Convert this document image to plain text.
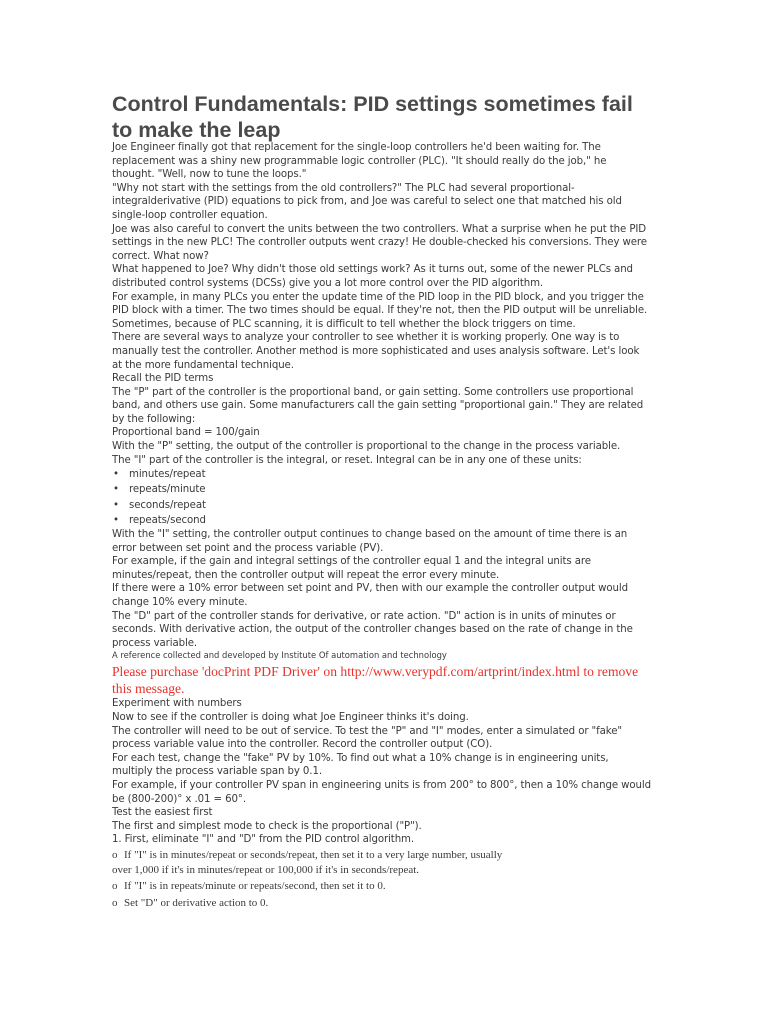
Control Fundamentals: PID settings sometimes fail to make the leap

Joe Engineer finally got that replacement for the single-loop controllers he'd been waiting for. The replacement was a shiny new programmable logic controller (PLC). "It should really do the job," he thought. "Well, now to tune the loops."

"Why not start with the settings from the old controllers?" The PLC had several proportional-integralderivative (PID) equations to pick from, and Joe was careful to select one that matched his old single-loop controller equation.

Joe was also careful to convert the units between the two controllers. What a surprise when he put the PID settings in the new PLC! The controller outputs went crazy! He double-checked his conversions. They were correct. What now?

What happened to Joe? Why didn't those old settings work? As it turns out, some of the newer PLCs and distributed control systems (DCSs) give you a lot more control over the PID algorithm.

For example, in many PLCs you enter the update time of the PID loop in the PID block, and you trigger the PID block with a timer. The two times should be equal. If they're not, then the PID output will be unreliable. Sometimes, because of PLC scanning, it is difficult to tell whether the block triggers on time.

There are several ways to analyze your controller to see whether it is working properly. One way is to manually test the controller. Another method is more sophisticated and uses analysis software. Let's look at the more fundamental technique.

Recall the PID terms

The "P" part of the controller is the proportional band, or gain setting. Some controllers use proportional band, and others use gain. Some manufacturers call the gain setting "proportional gain." They are related by the following:

Proportional band = 100/gain

With the "P" setting, the output of the controller is proportional to the change in the process variable.

The "I" part of the controller is the integral, or reset. Integral can be in any one of these units:

• minutes/repeat
• repeats/minute
• seconds/repeat
• repeats/second

With the "I" setting, the controller output continues to change based on the amount of time there is an error between set point and the process variable (PV).

For example, if the gain and integral settings of the controller equal 1 and the integral units are minutes/repeat, then the controller output will repeat the error every minute.

If there were a 10% error between set point and PV, then with our example the controller output would change 10% every minute.

The "D" part of the controller stands for derivative, or rate action. "D" action is in units of minutes or seconds. With derivative action, the output of the controller changes based on the rate of change in the process variable.

A reference collected and developed by Institute Of automation and technology

Please purchase 'docPrint PDF Driver' on http://www.verypdf.com/artprint/index.html to remove this message.

Experiment with numbers

Now to see if the controller is doing what Joe Engineer thinks it's doing.

The controller will need to be out of service. To test the "P" and "I" modes, enter a simulated or "fake" process variable value into the controller. Record the controller output (CO).

For each test, change the "fake" PV by 10%. To find out what a 10% change is in engineering units, multiply the process variable span by 0.1.

For example, if your controller PV span in engineering units is from 200° to 800°, then a 10% change would be (800-200)° x .01 = 60°.

Test the easiest first

The first and simplest mode to check is the proportional ("P").

1. First, eliminate "I" and "D" from the PID control algorithm.

o If "I" is in minutes/repeat or seconds/repeat, then set it to a very large number, usually

over 1,000 if it's in minutes/repeat or 100,000 if it's in seconds/repeat.

o If "I" is in repeats/minute or repeats/second, then set it to 0.

o Set "D" or derivative action to 0.
